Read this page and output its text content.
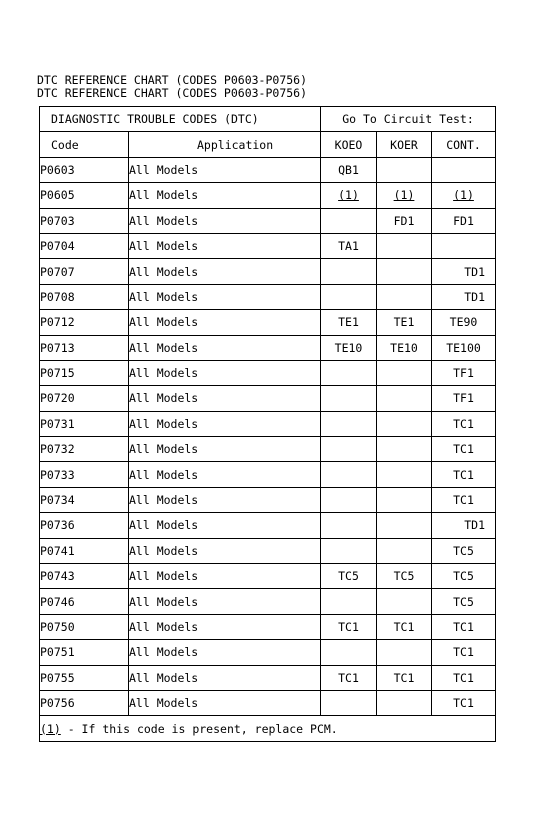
DTC REFERENCE CHART (CODES P0603-P0756)
DTC REFERENCE CHART (CODES P0603-P0756)
DIAGNOSTIC TROUBLE CODES (DTC)		Go To Circuit Test:		
Code	Application	KOEO	KOER	CONT.
P0603	All Models	QB1		
P0605	All Models	(1)	(1)	(1)
P0703	All Models		FD1	FD1
P0704	All Models	TA1		
P0707	All Models			TD1
P0708	All Models			TD1
P0712	All Models	TE1	TE1	TE90
P0713	All Models	TE10	TE10	TE100
P0715	All Models			TF1
P0720	All Models			TF1
P0731	All Models			TC1
P0732	All Models			TC1
P0733	All Models			TC1
P0734	All Models			TC1
P0736	All Models			TD1
P0741	All Models			TC5
P0743	All Models	TC5	TC5	TC5
P0746	All Models			TC5
P0750	All Models	TC1	TC1	TC1
P0751	All Models			TC1
P0755	All Models	TC1	TC1	TC1
P0756	All Models			TC1
(1) - If this code is present, replace PCM.				
